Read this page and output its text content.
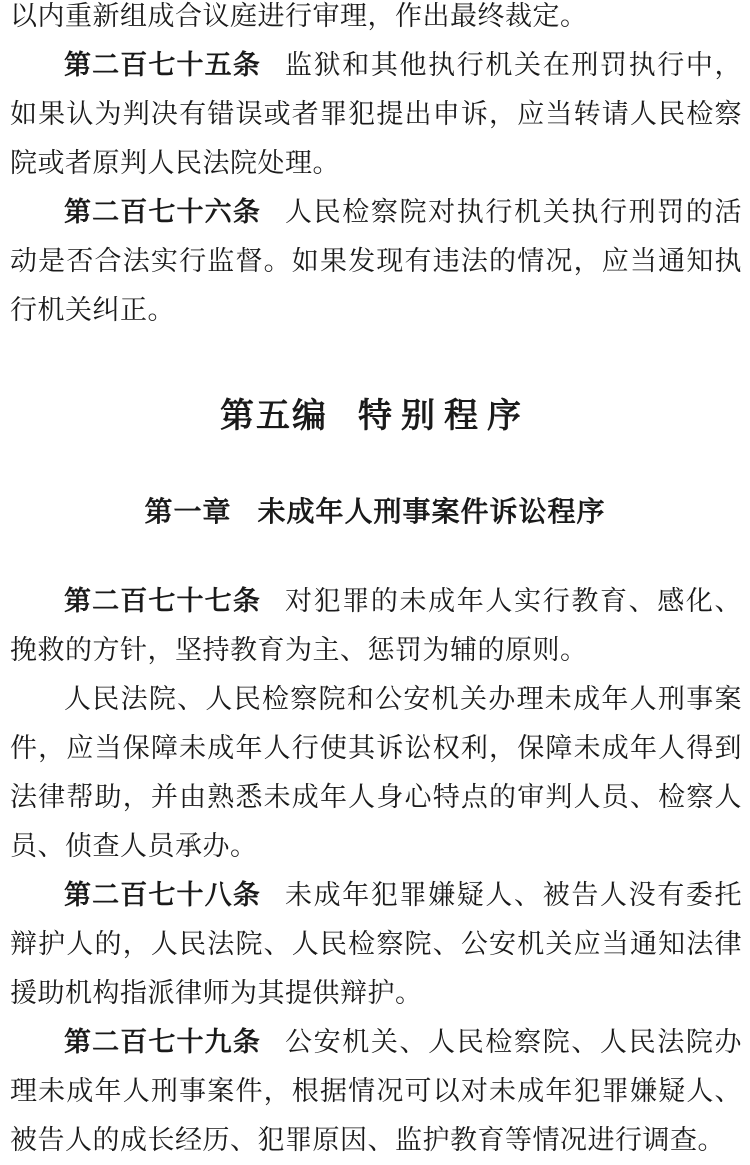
以内重新组成合议庭进行审理，作出最终裁定。

第二百七十五条 监狱和其他执行机关在刑罚执行中，如果认为判决有错误或者罪犯提出申诉，应当转请人民检察院或者原判人民法院处理。

第二百七十六条 人民检察院对执行机关执行刑罚的活动是否合法实行监督。如果发现有违法的情况，应当通知执行机关纠正。

第五编 特别程序
第一章 未成年人刑事案件诉讼程序

第二百七十七条 对犯罪的未成年人实行教育、感化、挽救的方针，坚持教育为主、惩罚为辅的原则。

人民法院、人民检察院和公安机关办理未成年人刑事案件，应当保障未成年人行使其诉讼权利，保障未成年人得到法律帮助，并由熟悉未成年人身心特点的审判人员、检察人员、侦查人员承办。

第二百七十八条 未成年犯罪嫌疑人、被告人没有委托辩护人的，人民法院、人民检察院、公安机关应当通知法律援助机构指派律师为其提供辩护。

第二百七十九条 公安机关、人民检察院、人民法院办理未成年人刑事案件，根据情况可以对未成年犯罪嫌疑人、被告人的成长经历、犯罪原因、监护教育等情况进行调查。
